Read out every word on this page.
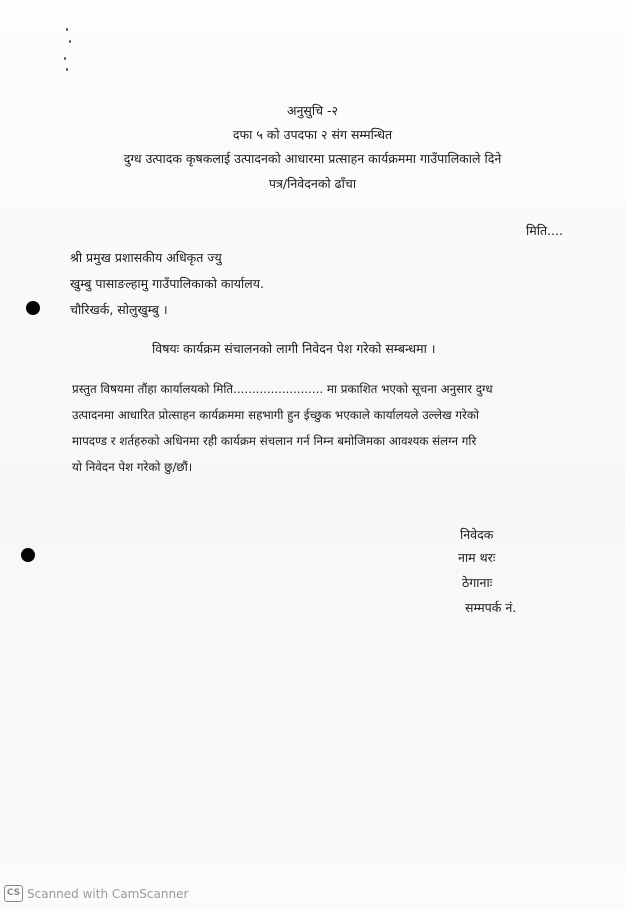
अनुसुचि -२
दफा ५ को उपदफा २ संग सम्मन्धित
दुग्ध उत्पादक कृषकलाई उत्पादनको आधारमा प्रत्साहन कार्यक्रममा गाउँपालिकाले दिने
पत्र/निवेदनको ढाँचा
मिति....
श्री प्रमुख प्रशासकीय अधिकृत ज्यु
खुम्बु पासाङल्हामु गाउँपालिकाको कार्यालय.
चौरिखर्क, सोलुखुम्बु ।
विषयः कार्यक्रम संचालनको लागी निवेदन पेश गरेको सम्बन्धमा ।
प्रस्तुत विषयमा तौंहा कार्यालयको मिति........................ मा प्रकाशित भएको सूचना अनुसार दुग्ध
उत्पादनमा आधारित प्रोत्साहन कार्यक्रममा सहभागी हुन ईच्छुक भएकाले कार्यालयले उल्लेख गरेको
मापदण्ड र शर्तहरुको अधिनमा रही कार्यक्रम संचलान गर्न निम्न बमोजिमका आवश्यक संलग्न गरि
यो निवेदन पेश गरेको छु/छौं।
निवेदक
नाम थरः
ठेगानाः
सम्मपर्क नं.
CS Scanned with CamScanner
